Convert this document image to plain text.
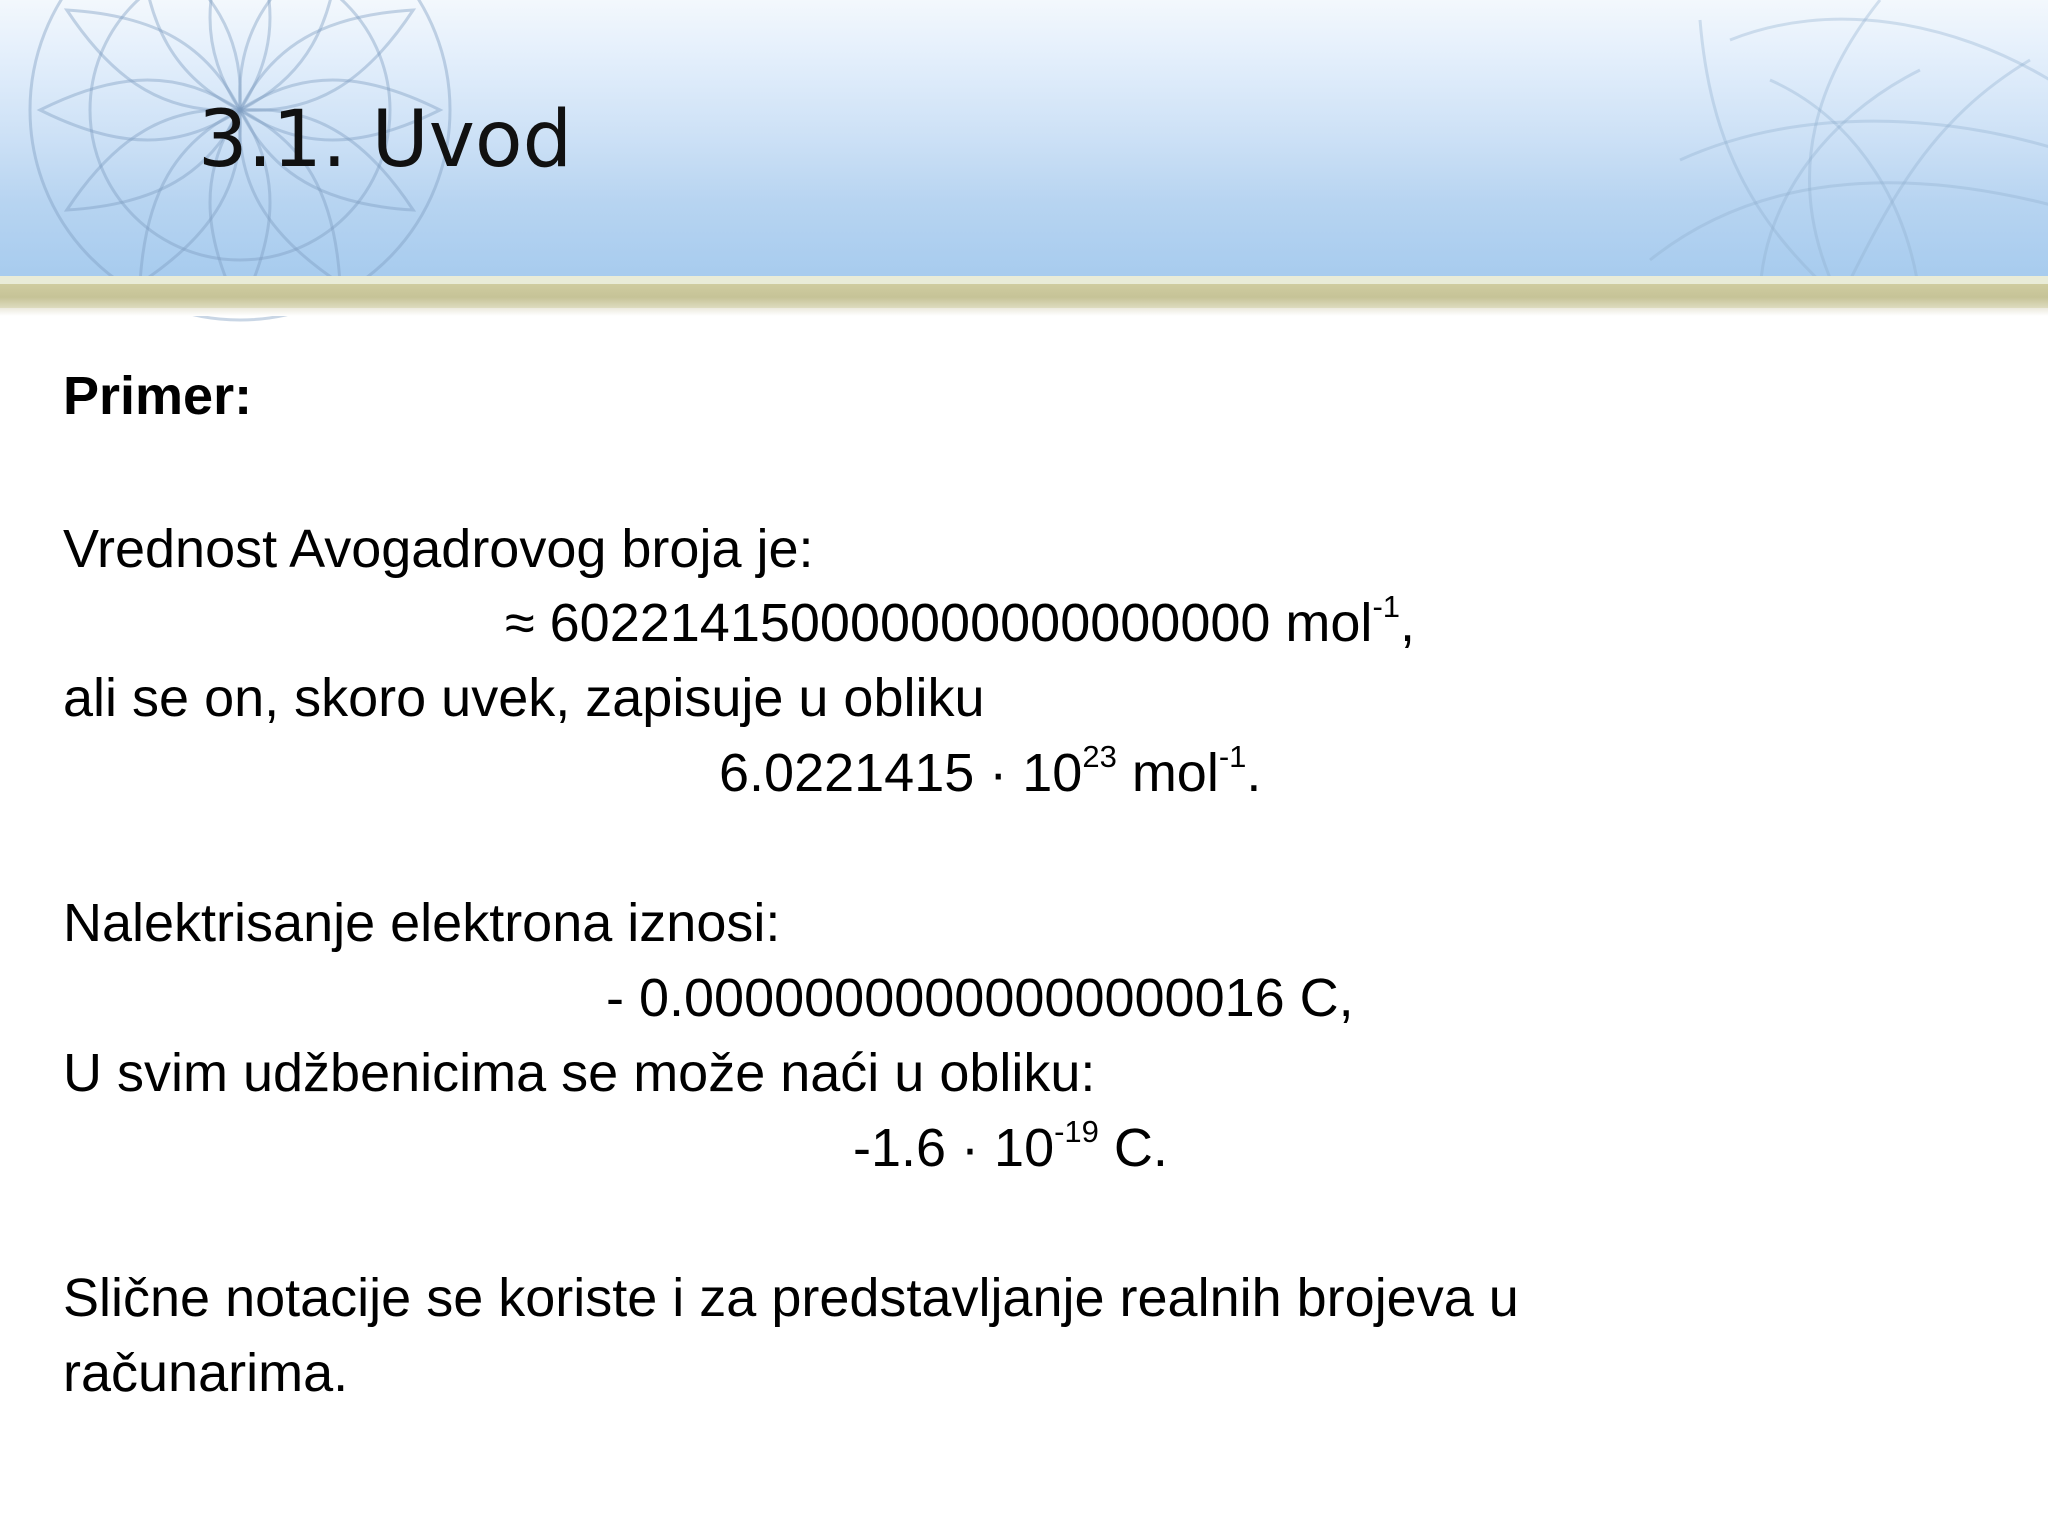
3.1. Uvod
Primer:
Vrednost Avogadrovog broja je:
≈ 602214150000000000000000 mol$^{-1}$,
ali se on, skoro uvek, zapisuje u obliku
$6.0221415 \cdot 10^{23}$ mol$^{-1}$.
Nalektrisanje elektrona iznosi:
- 0.00000000000000000016 C,
U svim udžbenicima se može naći u obliku:
$-1.6 \cdot 10^{-19}$ C.
Slične notacije se koriste i za predstavljanje realnih brojeva u
računarima.
